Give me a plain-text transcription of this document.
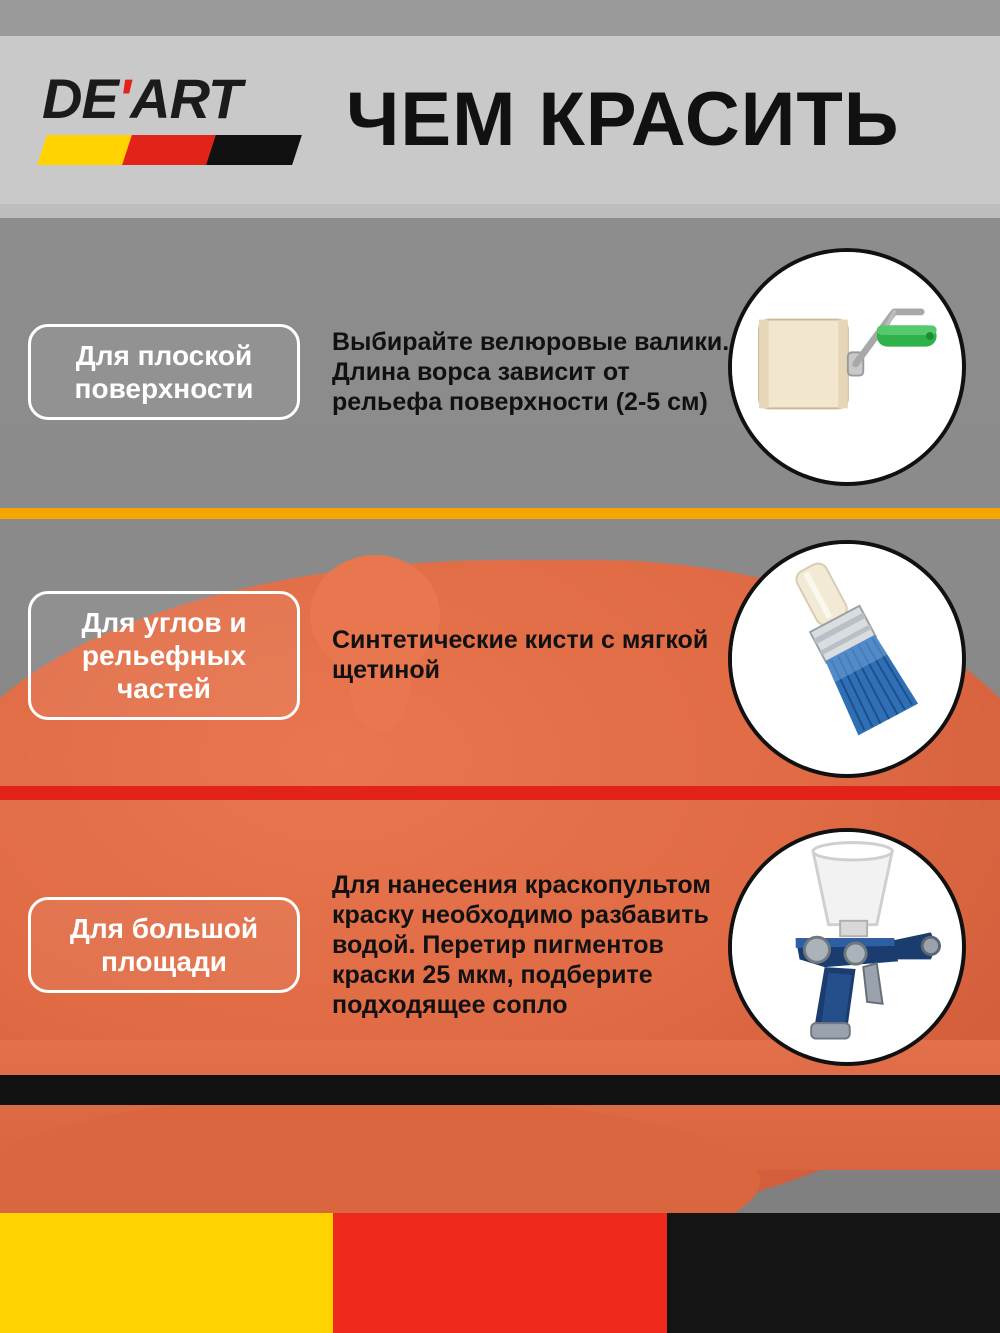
DE'ART	ЧЕМ КРАСИТЬ
Для плоской поверхности
Выбирайте велюровые валики. Длина ворса зависит от рельефа поверхности (2-5 см)
Для углов и рельефных частей
Синтетические кисти с мягкой щетиной
Для большой площади
Для нанесения краскопультом краску необходимо разбавить водой. Перетир пигментов краски 25 мкм, подберите подходящее сопло
